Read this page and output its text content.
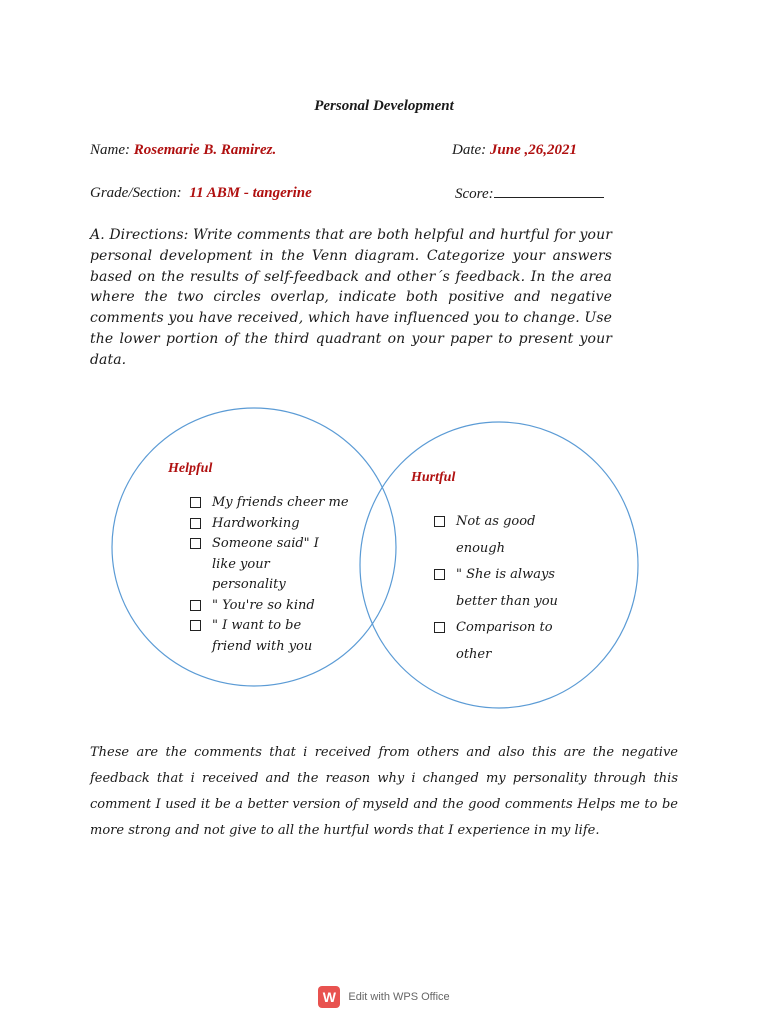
Personal Development
Name: Rosemarie B. Ramirez.	Date: June ,26,2021
Grade/Section: 11 ABM - tangerine	Score:
A. Directions: Write comments that are both helpful and hurtful for your personal development in the Venn diagram. Categorize your answers based on the results of self-feedback and other´s feedback. In the area where the two circles overlap, indicate both positive and negative comments you have received, which have influenced you to change. Use the lower portion of the third quadrant on your paper to present your data.
Helpful
Hurtful
My friends cheer me
Hardworking
Someone said" I like your personality
" You're so kind
" I want to be friend with you
Not as good enough
" She is always better than you
Comparison to other
These are the comments that i received from others and also this are the negative feedback that i received and the reason why i changed my personality through this comment I used it be a better version of myseld and the good comments Helps me to be more strong and not give to all the hurtful words that I experience in my life.
W Edit with WPS Office
